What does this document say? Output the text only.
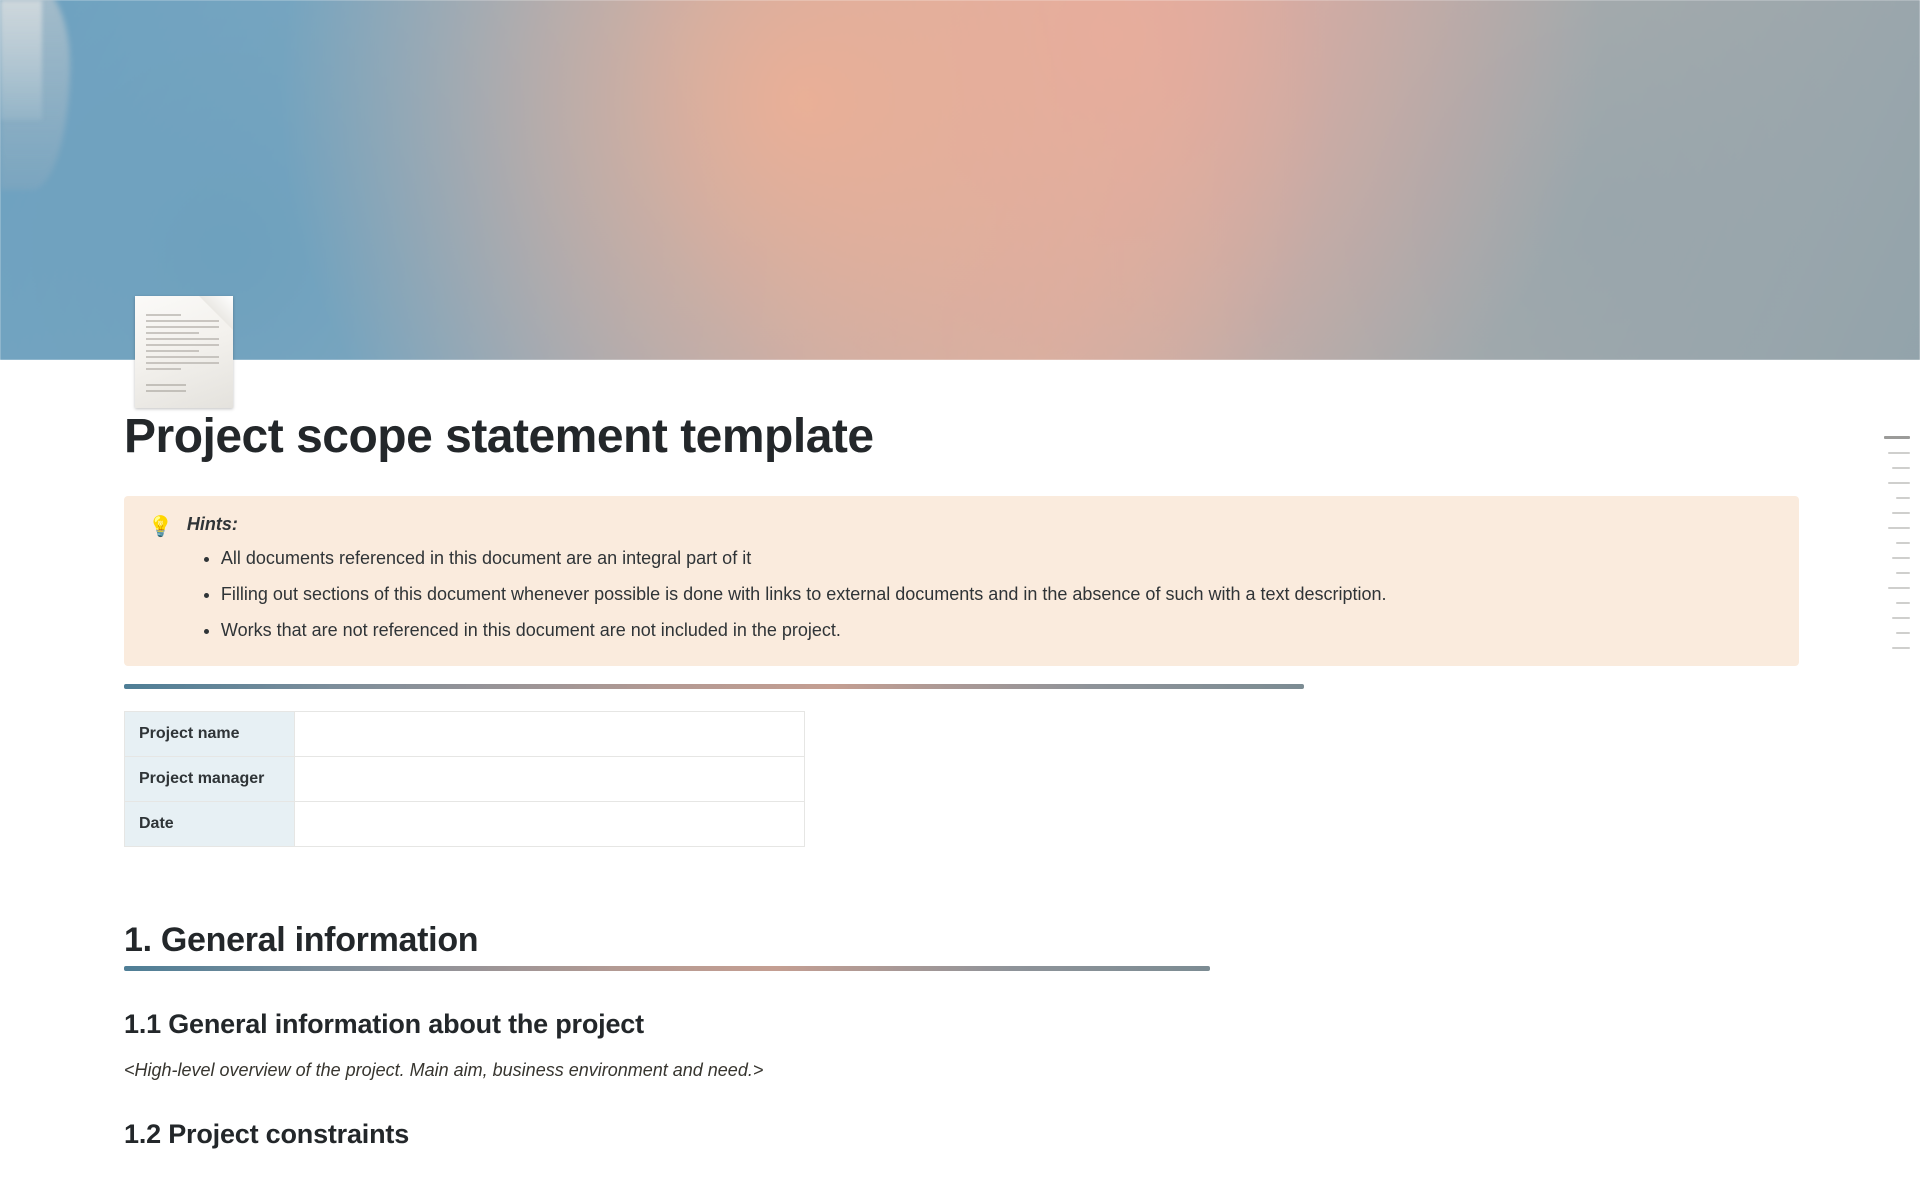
Project scope statement template
💡 Hints:
• All documents referenced in this document are an integral part of it
• Filling out sections of this document whenever possible is done with links to external documents and in the absence of such with a text description.
• Works that are not referenced in this document are not included in the project.
Project name	
Project manager	
Date	
1. General information
1.1 General information about the project

<High-level overview of the project. Main aim, business environment and need.>

1.2 Project constraints
